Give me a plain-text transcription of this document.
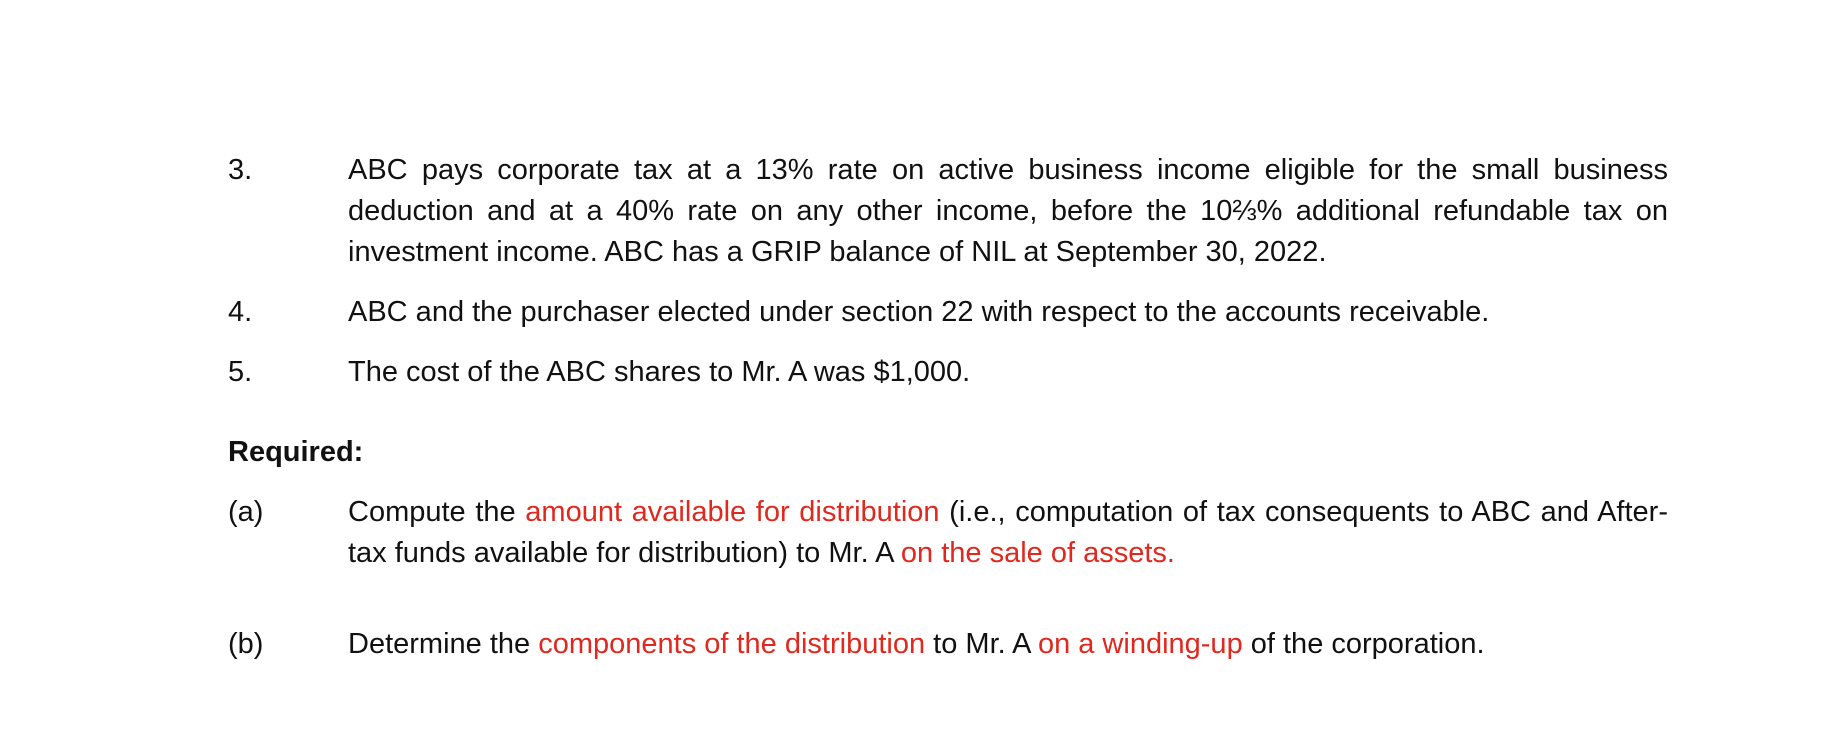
3.	ABC pays corporate tax at a 13% rate on active business income eligible for the small business deduction and at a 40% rate on any other income, before the 10⅔% additional refundable tax on investment income. ABC has a GRIP balance of NIL at September 30, 2022.
4.	ABC and the purchaser elected under section 22 with respect to the accounts receivable.
5.	The cost of the ABC shares to Mr. A was $1,000.
Required:
(a)	Compute the amount available for distribution (i.e., computation of tax consequents to ABC and After-tax funds available for distribution) to Mr. A on the sale of assets.
(b)	Determine the components of the distribution to Mr. A on a winding-up of the corporation.
